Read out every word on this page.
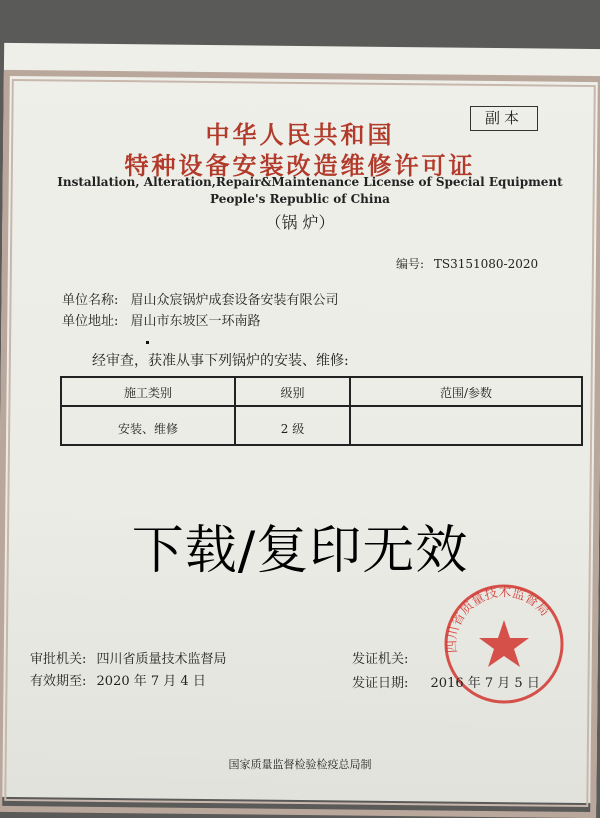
中华人民共和国
特种设备安装改造维修许可证
副本
Installation, Alteration,Repair&Maintenance License of Special Equipment
People's Republic of China
（锅 炉）
编号: TS3151080-2020
单位名称: 眉山众宸锅炉成套设备安装有限公司
单位地址: 眉山市东坡区一环南路
经审查，获准从事下列锅炉的安装、维修:
施工类别	级别	范围/参数
安装、维修	2 级
下载/复印无效
四川省质量技术监督局
审批机关: 四川省质量技术监督局
有效期至: 2020 年 7 月 4 日
发证机关:
发证日期: 2016 年 7 月 5 日
国家质量监督检验检疫总局制
